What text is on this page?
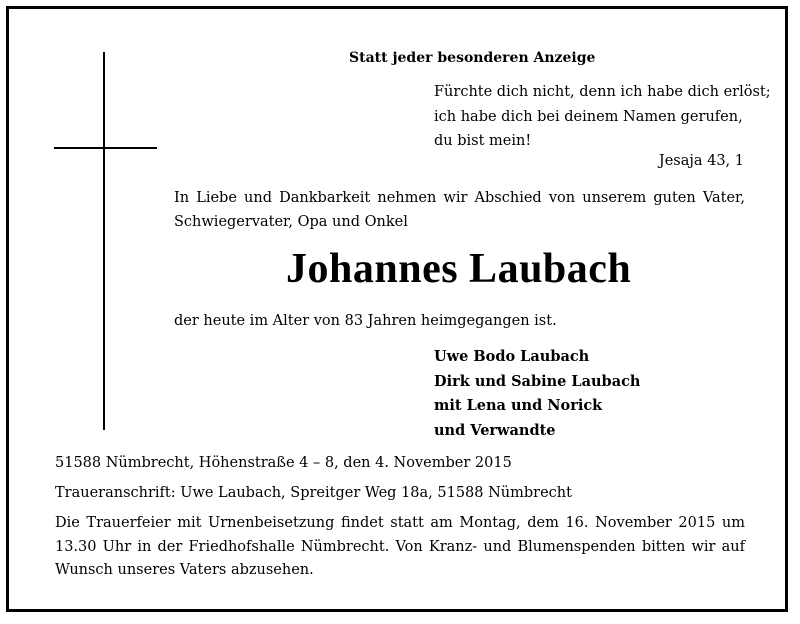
Statt jeder besonderen Anzeige
Fürchte dich nicht, denn ich habe dich erlöst;
ich habe dich bei deinem Namen gerufen,
du bist mein!
Jesaja 43, 1
In Liebe und Dankbarkeit nehmen wir Abschied von unserem guten Vater, Schwiegervater, Opa und Onkel
Johannes Laubach
der heute im Alter von 83 Jahren heimgegangen ist.
Uwe Bodo Laubach
Dirk und Sabine Laubach
mit Lena und Norick
und Verwandte
51588 Nümbrecht, Höhenstraße 4 – 8, den 4. November 2015
Traueranschrift: Uwe Laubach, Spreitger Weg 18a, 51588 Nümbrecht
Die Trauerfeier mit Urnenbeisetzung findet statt am Montag, dem 16. November 2015 um 13.30 Uhr in der Friedhofshalle Nümbrecht. Von Kranz- und Blumenspenden bitten wir auf Wunsch unseres Vaters abzusehen.
